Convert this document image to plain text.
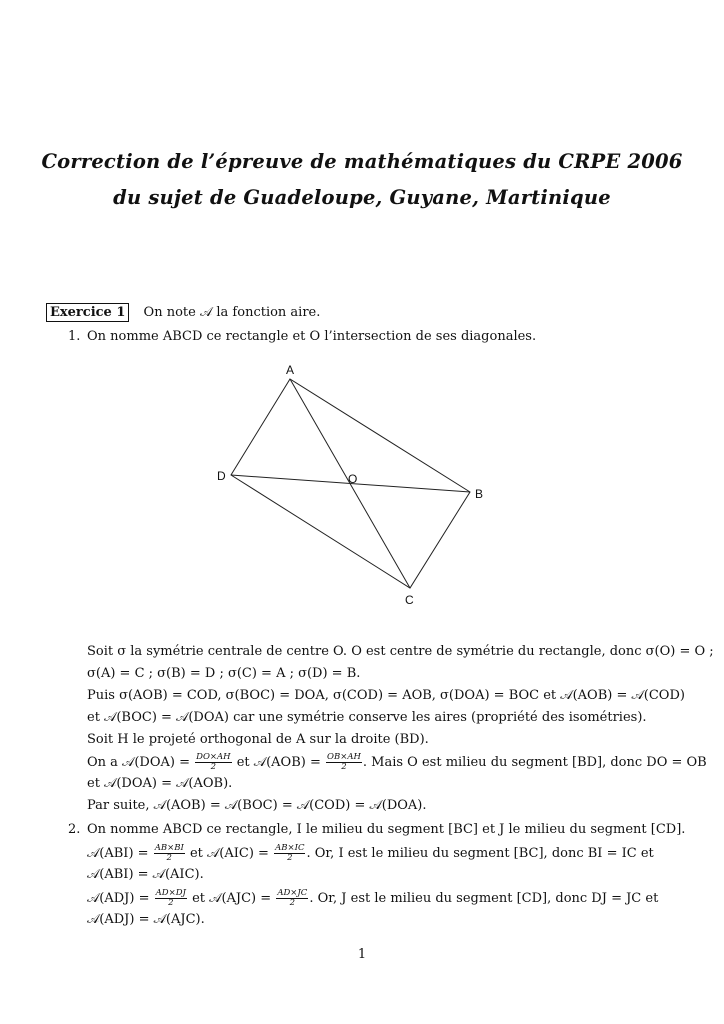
Correction de l’épreuve de mathématiques du CRPE 2006
du sujet de Guadeloupe, Guyane, Martinique
Exercice 1 On note 𝒜 la fonction aire.
1. On nomme ABCD ce rectangle et O l’intersection de ses diagonales.
A
B
C
D	O
Soit σ la symétrie centrale de centre O. O est centre de symétrie du rectangle, donc σ(O) = O ;
σ(A) = C ; σ(B) = D ; σ(C) = A ; σ(D) = B.
Puis σ(AOB) = COD, σ(BOC) = DOA, σ(COD) = AOB, σ(DOA) = BOC et 𝒜(AOB) = 𝒜(COD)
et 𝒜(BOC) = 𝒜(DOA) car une symétrie conserve les aires (propriété des isométries).
Soit H le projeté orthogonal de A sur la droite (BD).
On a 𝒜(DOA) = $\frac{DO\times AH}{2}$ et 𝒜(AOB) = $\frac{OB\times AH}{2}$ . Mais O est milieu du segment [BD], donc DO = OB
et 𝒜(DOA) = 𝒜(AOB).
Par suite, 𝒜(AOB) = 𝒜(BOC) = 𝒜(COD) = 𝒜(DOA).
2. On nomme ABCD ce rectangle, I le milieu du segment [BC] et J le milieu du segment [CD].
𝒜(ABI) = $\frac{AB\times BI}{2}$ et 𝒜(AIC) = $\frac{AB\times IC}{2}$ . Or, I est le milieu du segment [BC], donc BI = IC et
𝒜(ABI) = 𝒜(AIC).
𝒜(ADJ) = $\frac{AD\times DJ}{2}$ et 𝒜(AJC) = $\frac{AD\times JC}{2}$ . Or, J est le milieu du segment [CD], donc DJ = JC et
𝒜(ADJ) = 𝒜(AJC).
1
